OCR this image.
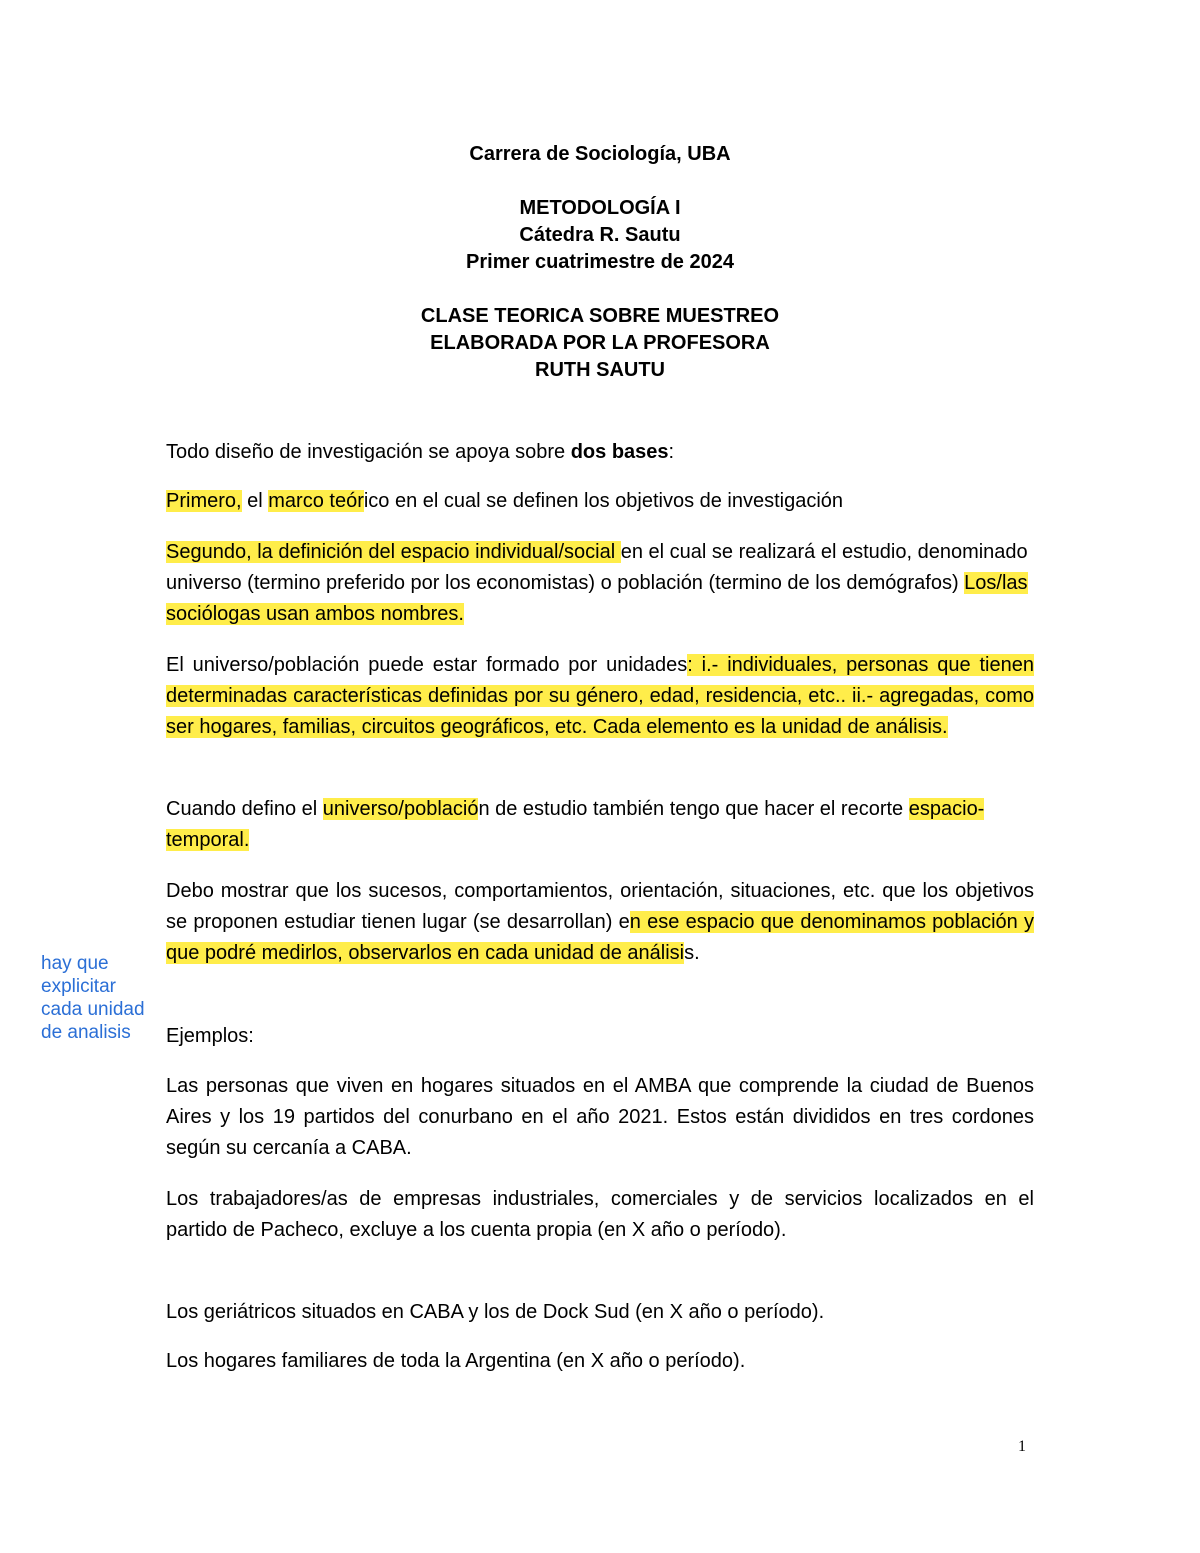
Carrera de Sociología, UBA
METODOLOGÍA I
Cátedra R. Sautu
Primer cuatrimestre de 2024
CLASE TEORICA SOBRE MUESTREO
ELABORADA POR LA PROFESORA
RUTH SAUTU
Todo diseño de investigación se apoya sobre dos bases:
Primero, el marco teórico en el cual se definen los objetivos de investigación
Segundo, la definición del espacio individual/social en el cual se realizará el estudio, denominado universo (termino preferido por los economistas) o población (termino de los demógrafos) Los/las sociólogas usan ambos nombres.
El universo/población puede estar formado por unidades: i.- individuales, personas que tienen determinadas características definidas por su género, edad, residencia, etc.. ii.- agregadas, como ser hogares, familias, circuitos geográficos, etc. Cada elemento es la unidad de análisis.
Cuando defino el universo/población de estudio también tengo que hacer el recorte espacio- temporal.
Debo mostrar que los sucesos, comportamientos, orientación, situaciones, etc. que los objetivos se proponen estudiar tienen lugar (se desarrollan) en ese espacio que denominamos población y que podré medirlos, observarlos en cada unidad de análisis.
hay que
explicitar
cada unidad
de analisis	Ejemplos:
Las personas que viven en hogares situados en el AMBA que comprende la ciudad de Buenos Aires y los 19 partidos del conurbano en el año 2021. Estos están divididos en tres cordones según su cercanía a CABA.
Los trabajadores/as de empresas industriales, comerciales y de servicios localizados en el partido de Pacheco, excluye a los cuenta propia (en X año o período).
Los geriátricos situados en CABA y los de Dock Sud (en X año o período).
Los hogares familiares de toda la Argentina (en X año o período).
1
